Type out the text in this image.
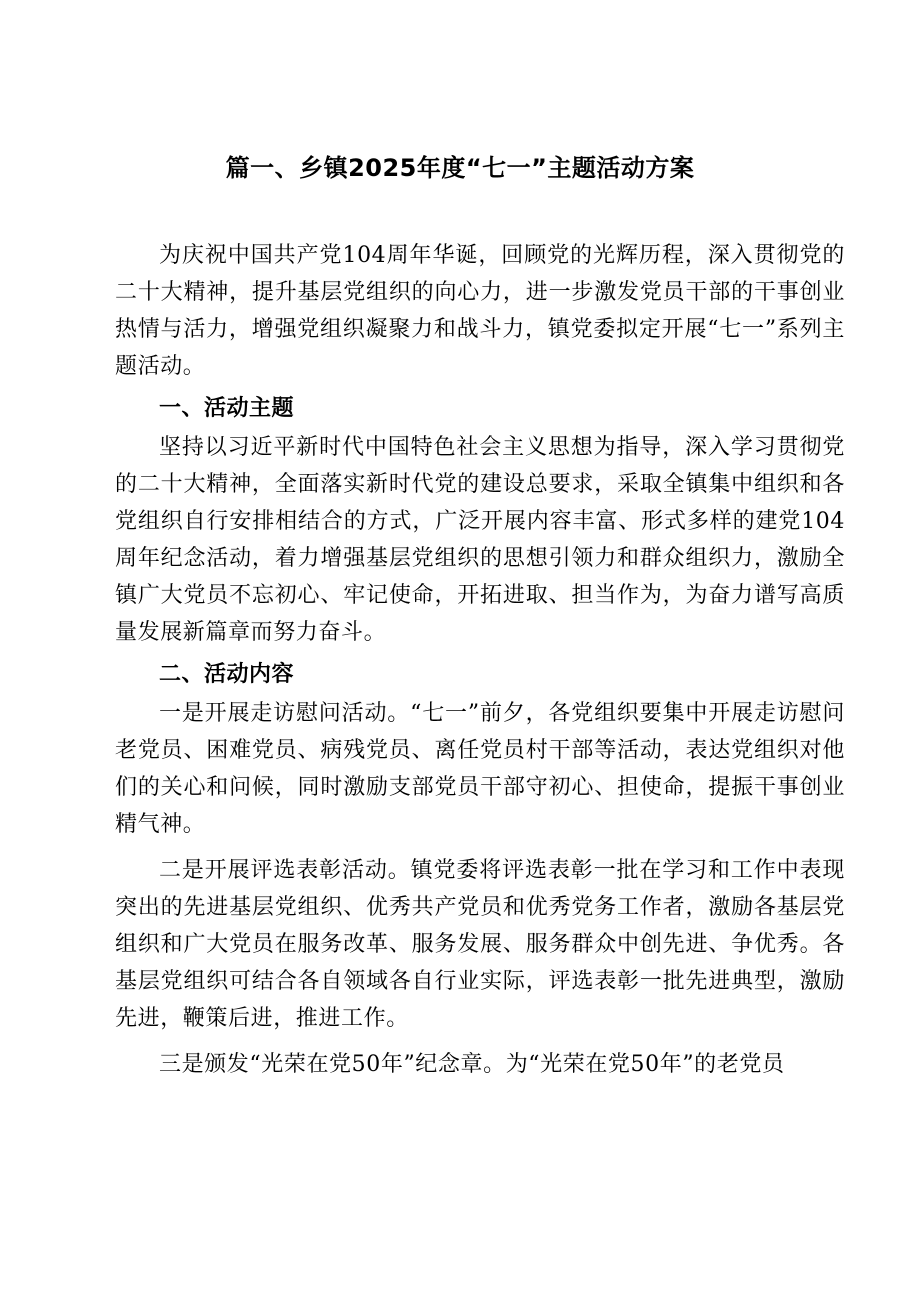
篇一、乡镇2025年度“七一”主题活动方案

为庆祝中国共产党104周年华诞，回顾党的光辉历程，深入贯彻党的二十大精神，提升基层党组织的向心力，进一步激发党员干部的干事创业热情与活力，增强党组织凝聚力和战斗力，镇党委拟定开展“七一”系列主题活动。

一、活动主题

坚持以习近平新时代中国特色社会主义思想为指导，深入学习贯彻党的二十大精神，全面落实新时代党的建设总要求，采取全镇集中组织和各党组织自行安排相结合的方式，广泛开展内容丰富、形式多样的建党104周年纪念活动，着力增强基层党组织的思想引领力和群众组织力，激励全镇广大党员不忘初心、牢记使命，开拓进取、担当作为，为奋力谱写高质量发展新篇章而努力奋斗。

二、活动内容

一是开展走访慰问活动。“七一”前夕，各党组织要集中开展走访慰问老党员、困难党员、病残党员、离任党员村干部等活动，表达党组织对他们的关心和问候，同时激励支部党员干部守初心、担使命，提振干事创业精气神。

二是开展评选表彰活动。镇党委将评选表彰一批在学习和工作中表现突出的先进基层党组织、优秀共产党员和优秀党务工作者，激励各基层党组织和广大党员在服务改革、服务发展、服务群众中创先进、争优秀。各基层党组织可结合各自领域各自行业实际，评选表彰一批先进典型，激励先进，鞭策后进，推进工作。

三是颁发“光荣在党50年”纪念章。为“光荣在党50年”的老党员
